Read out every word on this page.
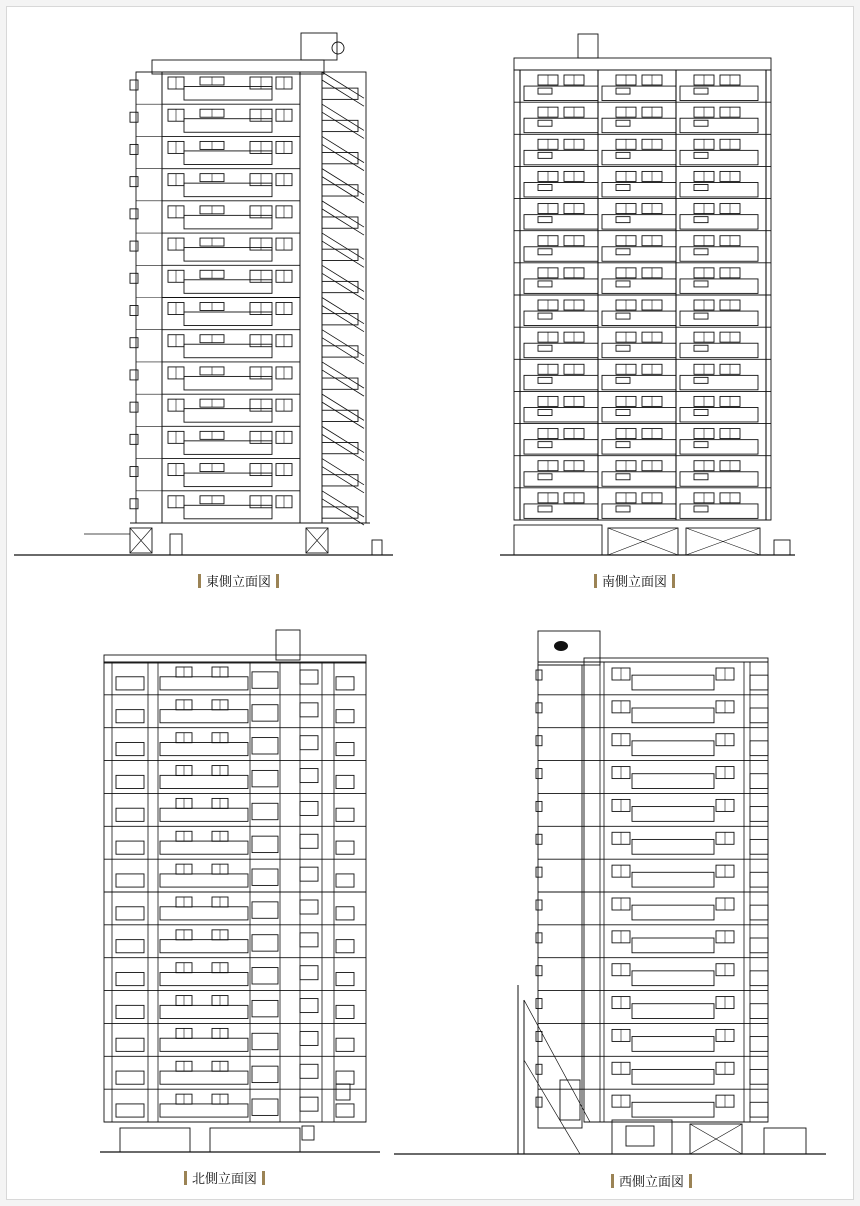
東側立面図	南側立面図
北側立面図	西側立面図
